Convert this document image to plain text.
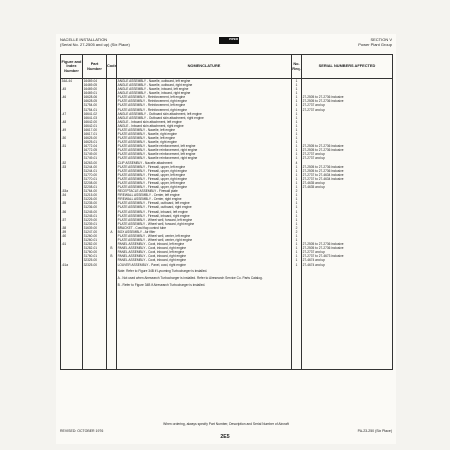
NACELLE INSTALLATION
(Serial No. 27-2505 and up) (Six Place)
PIPER	SECTION V
Power Plant Group
Figure and Index Number	Part Number	Code	NOMENCLATURE	No. Req.	SERIAL NUMBERS AFFECTED
34A-44	16469-04		ANGLE ASSEMBLY - Nacelle, outboard, left engine	1	
	16469-05		ANGLE ASSEMBLY - Nacelle, outboard, right engine	1	
-45	16469-00		ANGLE ASSEMBLY - Nacelle, inboard, left engine	1	
	16469-01		ANGLE ASSEMBLY - Nacelle, inboard, right engine	1	
-46	16628-06		PLATE ASSEMBLY - Reinforcement, left engine	1	27-2505 to 27-2736 inclusive
	16628-05		PLATE ASSEMBLY - Reinforcement, right engine	1	27-2505 to 27-2736 inclusive
	31754-00		PLATE ASSEMBLY - Reinforcement, left engine	1	27-2737 and up
	31754-01		PLATE ASSEMBLY - Reinforcement, right engine	1	27-2737 and up
-47	16641-02		ANGLE ASSEMBLY - Outboard skin attachment, left engine	1	
	16641-03		ANGLE ASSEMBLY - Outboard skin attachment, right engine	1	
-48	16642-00		ANGLE - Inboard skin attachment, left engine	1	
	16642-01		ANGLE - Inboard skin attachment, right engine	1	
-49	16617-00		PLATE ASSEMBLY - Nacelle, left engine	1	
	16617-01		PLATE ASSEMBLY - Nacelle, right engine	1	
-50	16625-00		PLATE ASSEMBLY - Nacelle, left engine	1	
	16625-01		PLATE ASSEMBLY - Nacelle, right engine	1	
-51	16772-04		PLATE ASSEMBLY - Nacelle reinforcement, left engine	1	27-2505 to 27-2736 inclusive
	16772-05		PLATE ASSEMBLY - Nacelle reinforcement, right engine	1	27-2505 to 27-2736 inclusive
	31749-00		PLATE ASSEMBLY - Nacelle reinforcement, left engine	1	27-2737 and up
	31749-01		PLATE ASSEMBLY - Nacelle reinforcement, right engine	1	27-2737 and up
-52	16263-00		CLIP ASSEMBLY - Nacelle attachment	4	
-53	31244-00		PLATE ASSEMBLY - Firewall, upper, left engine	1	27-2505 to 27-2736 inclusive
	31244-01		PLATE ASSEMBLY - Firewall, upper, right engine	1	27-2505 to 27-2736 inclusive
	31770-00		PLATE ASSEMBLY - Firewall, upper, left engine	1	27-2737 to 27-4634 inclusive
	31770-01		PLATE ASSEMBLY - Firewall, upper, right engine	1	27-2737 to 27-4634 inclusive
	32208-00		PLATE ASSEMBLY - Firewall, upper, left engine	1	27-4635 and up
	32208-01		PLATE ASSEMBLY - Firewall, upper, right engine	1	27-4635 and up
-53a	31764-00		RECEPTACLE ASSEMBLY - Firewall plate	2	
-54	31215-00		FIREWALL ASSEMBLY - Center, left engine	1	
	31226-00		FIREWALL ASSEMBLY - Center, right engine	1	
-55	31235-00		PLATE ASSEMBLY - Firewall, outboard, left engine	1	
	31236-00		PLATE ASSEMBLY - Firewall, outboard, right engine	1	
-56	31245-00		PLATE ASSEMBLY - Firewall, inboard, left engine	1	
	31245-01		PLATE ASSEMBLY - Firewall, inboard, right engine	1	
-57	31229-00		PLATE ASSEMBLY - Wheel well, forward, left engine	1	
	31239-01		PLATE ASSEMBLY - Wheel well, forward, right engine	1	
-58	31639-00		BRACKET - Cowl flap control tube	2	
-59	31247-00	A	BOX ASSEMBLY - Air filter	2	
-60	31260-00		PLATE ASSEMBLY - Wheel well, center, left engine	1	
	31260-01		PLATE ASSEMBLY - Wheel well, center, right engine	1	
-61	31282-00		PANEL ASSEMBLY - Cowl, inboard, left engine	1	27-2505 to 27-2736 inclusive
	31282-01	B	PANEL ASSEMBLY - Cowl, inboard, right engine	1	27-2505 to 27-2736 inclusive
	31760-00		PANEL ASSEMBLY - Cowl, inboard, left engine	1	27-2737 and up
	31760-01	B	PANEL ASSEMBLY - Cowl, inboard, right engine	1	27-2737 to 27-4673 inclusive
	32325-00		PANEL ASSEMBLY - Cowl, inboard, right engine	1	27-4674 and up
-61a	32325-00		LOUVER ASSEMBLY - Panel, cowl, right engine	1	27-4674 and up

			Note: Refer to Figure 34B if Lycoming Turbocharger is installed.
A - Not used when Airesearch Turbocharger is installed. Refer to Airesearch Service Co. Parts Catalog.
B - Refer to Figure 34B if Airesearch Turbocharger is installed.		

When ordering, always specify Part Number, Description and Serial Number of Aircraft
REVISED: OCTOBER 1976	PA-23-250 (Six Place)
2E5
